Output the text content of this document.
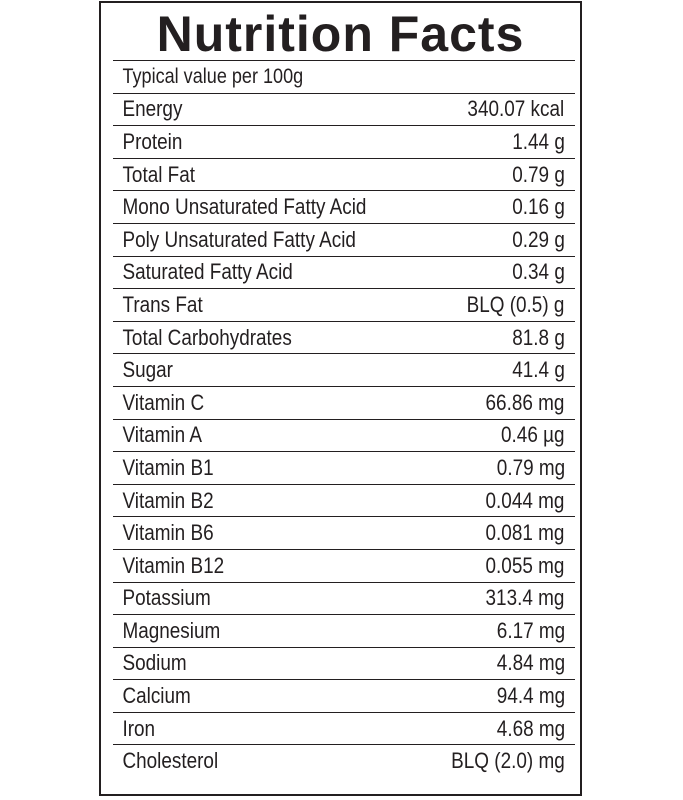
Nutrition Facts
Typical value per 100g
Energy	340.07 kcal
Protein	1.44 g
Total Fat	0.79 g
Mono Unsaturated Fatty Acid	0.16 g
Poly Unsaturated Fatty Acid	0.29 g
Saturated Fatty Acid	0.34 g
Trans Fat	BLQ (0.5) g
Total Carbohydrates	81.8 g
Sugar	41.4 g
Vitamin C	66.86 mg
Vitamin A	0.46 µg
Vitamin B1	0.79 mg
Vitamin B2	0.044 mg
Vitamin B6	0.081 mg
Vitamin B12	0.055 mg
Potassium	313.4 mg
Magnesium	6.17 mg
Sodium	4.84 mg
Calcium	94.4 mg
Iron	4.68 mg
Cholesterol	BLQ (2.0) mg
